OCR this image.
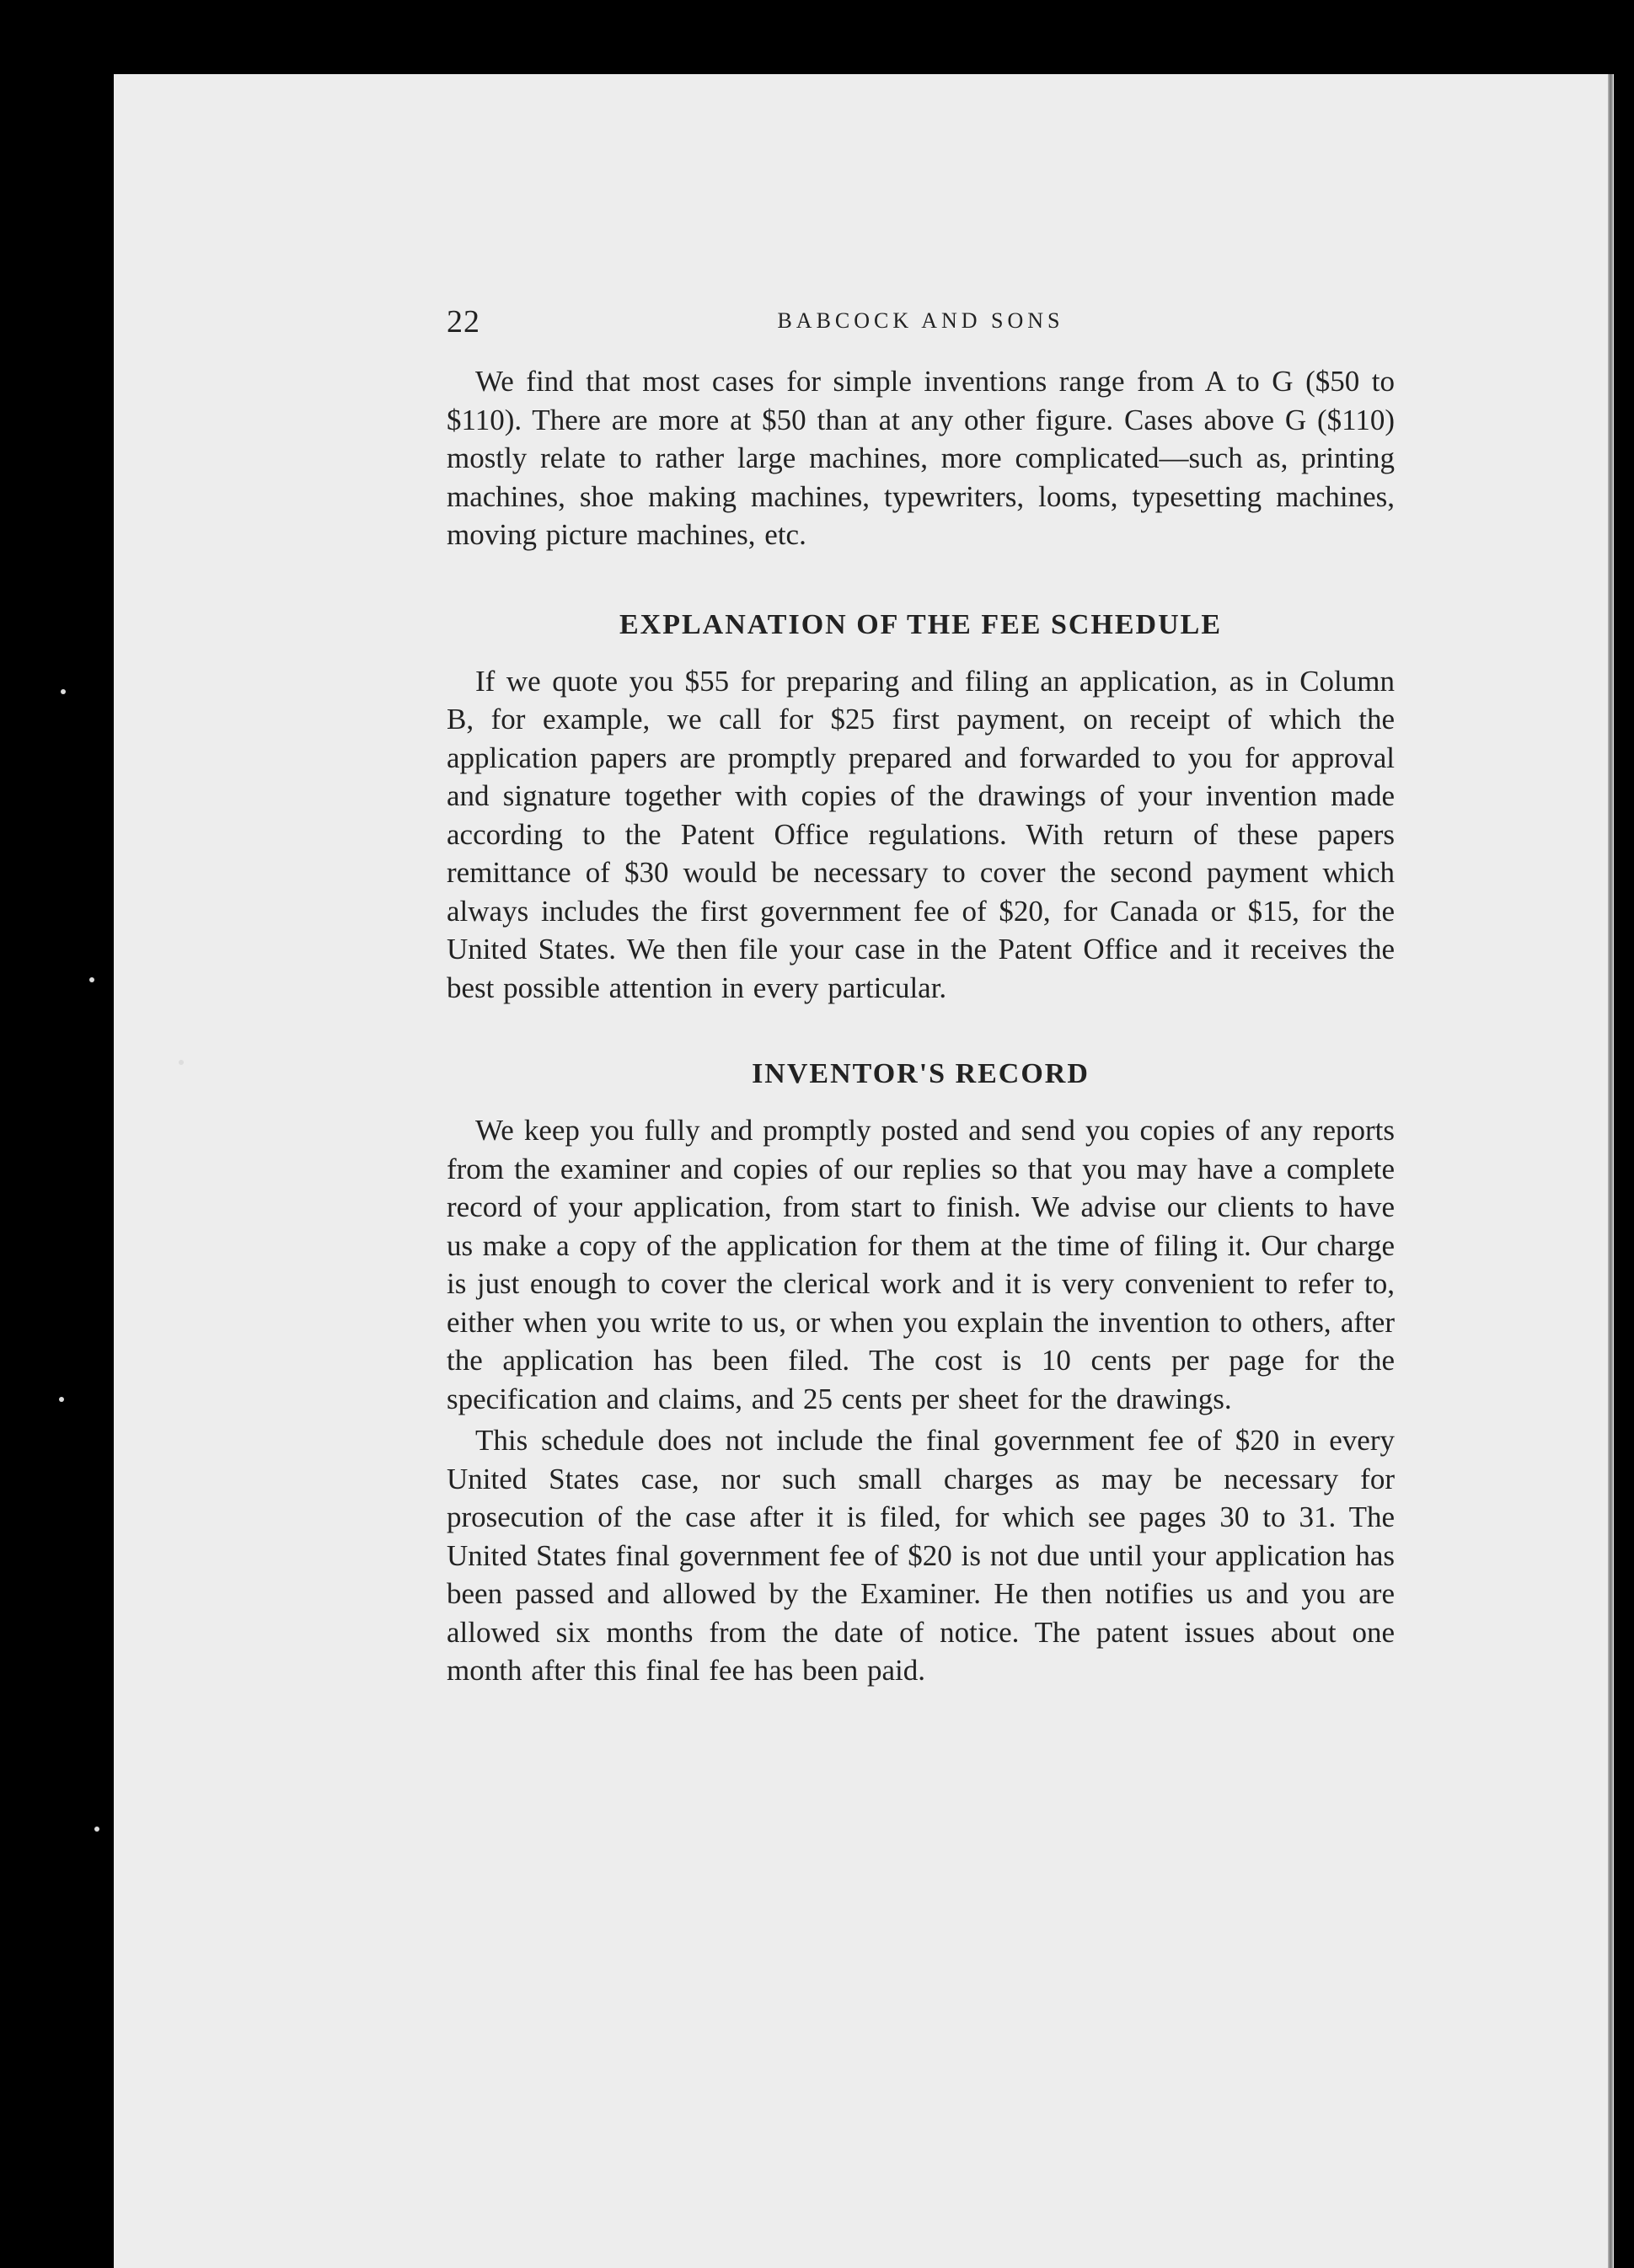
22	BABCOCK AND SONS

We find that most cases for simple inventions range from A to G ($50 to $110). There are more at $50 than at any other figure. Cases above G ($110) mostly relate to rather large machines, more complicated—such as, printing machines, shoe making machines, typewriters, looms, typesetting machines, moving picture machines, etc.

EXPLANATION OF THE FEE SCHEDULE

If we quote you $55 for preparing and filing an application, as in Column B, for example, we call for $25 first payment, on receipt of which the application papers are promptly prepared and forwarded to you for approval and signature together with copies of the drawings of your invention made according to the Patent Office regulations. With return of these papers remittance of $30 would be necessary to cover the second payment which always includes the first government fee of $20, for Canada or $15, for the United States. We then file your case in the Patent Office and it receives the best possible attention in every particular.

INVENTOR'S RECORD

We keep you fully and promptly posted and send you copies of any reports from the examiner and copies of our replies so that you may have a complete record of your application, from start to finish. We advise our clients to have us make a copy of the application for them at the time of filing it. Our charge is just enough to cover the clerical work and it is very convenient to refer to, either when you write to us, or when you explain the invention to others, after the application has been filed. The cost is 10 cents per page for the specification and claims, and 25 cents per sheet for the drawings.

This schedule does not include the final government fee of $20 in every United States case, nor such small charges as may be necessary for prosecution of the case after it is filed, for which see pages 30 to 31. The United States final government fee of $20 is not due until your application has been passed and allowed by the Examiner. He then notifies us and you are allowed six months from the date of notice. The patent issues about one month after this final fee has been paid.
